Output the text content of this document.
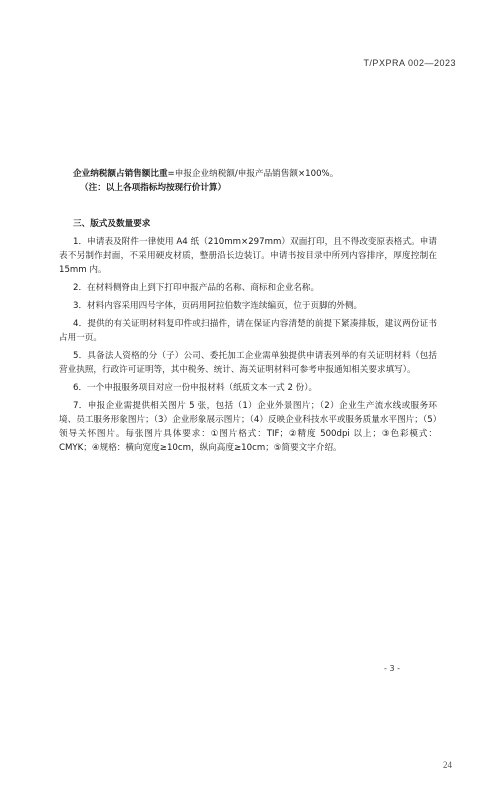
T/PXPRA 002—2023
企业纳税额占销售额比重=申报企业纳税额/申报产品销售额×100%。
（注：以上各项指标均按现行价计算）
三、版式及数量要求

1．申请表及附件一律使用 A4 纸（210mm×297mm）双面打印，且不得改变原表格式。申请表不另制作封面，不采用硬皮材质，整册沿长边装订。申请书按目录中所列内容排序，厚度控制在 15mm 内。

2．在材料侧脊由上到下打印申报产品的名称、商标和企业名称。

3．材料内容采用四号字体，页码用阿拉伯数字连续编页，位于页脚的外侧。

4．提供的有关证明材料复印件或扫描件，请在保证内容清楚的前提下紧凑排版，建议两份证书占用一页。

5．具备法人资格的分（子）公司、委托加工企业需单独提供申请表列举的有关证明材料（包括营业执照，行政许可证明等，其中税务、统计、海关证明材料可参考申报通知相关要求填写）。

6．一个申报服务项目对应一份申报材料（纸质文本一式 2 份）。

7．申报企业需提供相关图片 5 张，包括（1）企业外景图片；（2）企业生产流水线或服务环境、员工服务形象图片；（3）企业形象展示图片；（4）反映企业科技水平或服务质量水平图片；（5）领导关怀图片。每张图片具体要求：①图片格式：TIF；②精度 500dpi 以上；③色彩模式：CMYK；④规格：横向宽度≥10cm，纵向高度≥10cm；⑤简要文字介绍。

- 3 -
24
